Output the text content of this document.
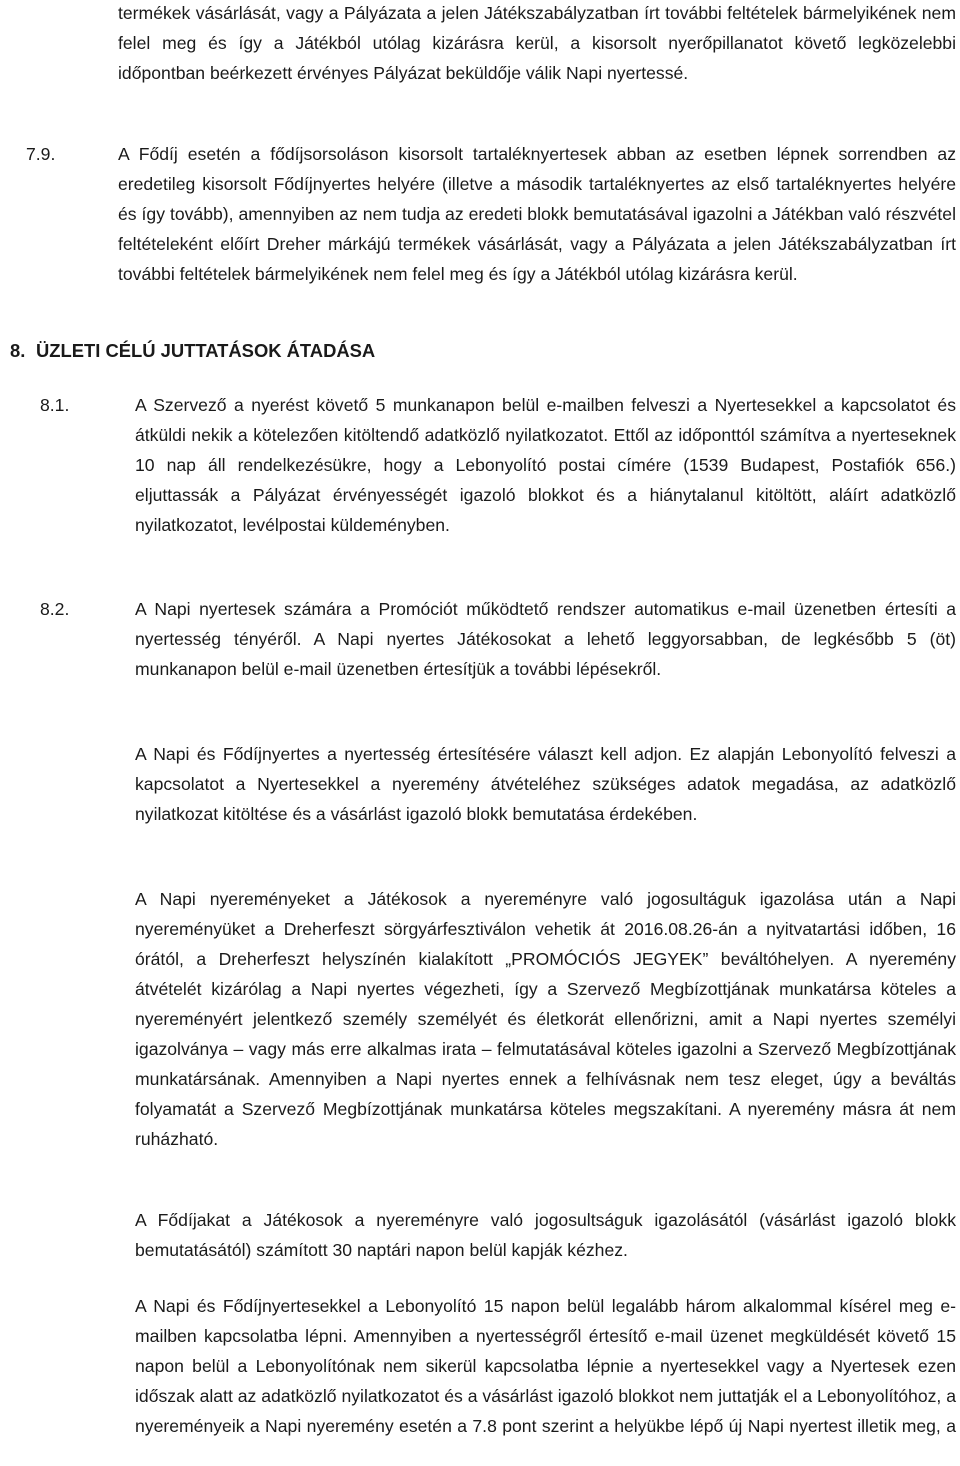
termékek vásárlását, vagy a Pályázata a jelen Játékszabályzatban írt további feltételek bármelyikének nem felel meg és így a Játékból utólag kizárásra kerül, a kisorsolt nyerőpillanatot követő legközelebbi időpontban beérkezett érvényes Pályázat beküldője válik Napi nyertessé.

7.9.	A Fődíj esetén a fődíjsorsoláson kisorsolt tartaléknyertesek abban az esetben lépnek sorrendben az eredetileg kisorsolt Fődíjnyertes helyére (illetve a második tartaléknyertes az első tartaléknyertes helyére és így tovább), amennyiben az nem tudja az eredeti blokk bemutatásával igazolni a Játékban való részvétel feltételeként előírt Dreher márkájú termékek vásárlását, vagy a Pályázata a jelen Játékszabályzatban írt további feltételek bármelyikének nem felel meg és így a Játékból utólag kizárásra kerül.

8. ÜZLETI CÉLÚ JUTTATÁSOK ÁTADÁSA
8.1.	A Szervező a nyerést követő 5 munkanapon belül e-mailben felveszi a Nyertesekkel a kapcsolatot és átküldi nekik a kötelezően kitöltendő adatközlő nyilatkozatot. Ettől az időponttól számítva a nyerteseknek 10 nap áll rendelkezésükre, hogy a Lebonyolító postai címére (1539 Budapest, Postafiók 656.) eljuttassák a Pályázat érvényességét igazoló blokkot és a hiánytalanul kitöltött, aláírt adatközlő nyilatkozatot, levélpostai küldeményben.

8.2.	A Napi nyertesek számára a Promóciót működtető rendszer automatikus e-mail üzenetben értesíti a nyertesség tényéről. A Napi nyertes Játékosokat a lehető leggyorsabban, de legkésőbb 5 (öt) munkanapon belül e-mail üzenetben értesítjük a további lépésekről.

A Napi és Fődíjnyertes a nyertesség értesítésére választ kell adjon. Ez alapján Lebonyolító felveszi a kapcsolatot a Nyertesekkel a nyeremény átvételéhez szükséges adatok megadása, az adatközlő nyilatkozat kitöltése és a vásárlást igazoló blokk bemutatása érdekében.

A Napi nyereményeket a Játékosok a nyereményre való jogosultáguk igazolása után a Napi nyereményüket a Dreherfeszt sörgyárfesztiválon vehetik át 2016.08.26-án a nyitvatartási időben, 16 órától, a Dreherfeszt helyszínén kialakított „PROMÓCIÓS JEGYEK” beváltóhelyen. A nyeremény átvételét kizárólag a Napi nyertes végezheti, így a Szervező Megbízottjának munkatársa köteles a nyereményért jelentkező személy személyét és életkorát ellenőrizni, amit a Napi nyertes személyi igazolványa – vagy más erre alkalmas irata – felmutatásával köteles igazolni a Szervező Megbízottjának munkatársának. Amennyiben a Napi nyertes ennek a felhívásnak nem tesz eleget, úgy a beváltás folyamatát a Szervező Megbízottjának munkatársa köteles megszakítani. A nyeremény másra át nem ruházható.

A Fődíjakat a Játékosok a nyereményre való jogosultságuk igazolásától (vásárlást igazoló blokk bemutatásától) számított 30 naptári napon belül kapják kézhez.

A Napi és Fődíjnyertesekkel a Lebonyolító 15 napon belül legalább három alkalommal kísérel meg e-mailben kapcsolatba lépni. Amennyiben a nyertességről értesítő e-mail üzenet megküldését követő 15 napon belül a Lebonyolítónak nem sikerül kapcsolatba lépnie a nyertesekkel vagy a Nyertesek ezen időszak alatt az adatközlő nyilatkozatot és a vásárlást igazoló blokkot nem juttatják el a Lebonyolítóhoz, a nyereményeik a Napi nyeremény esetén a 7.8 pont szerint a helyükbe lépő új Napi nyertest illetik meg, a
